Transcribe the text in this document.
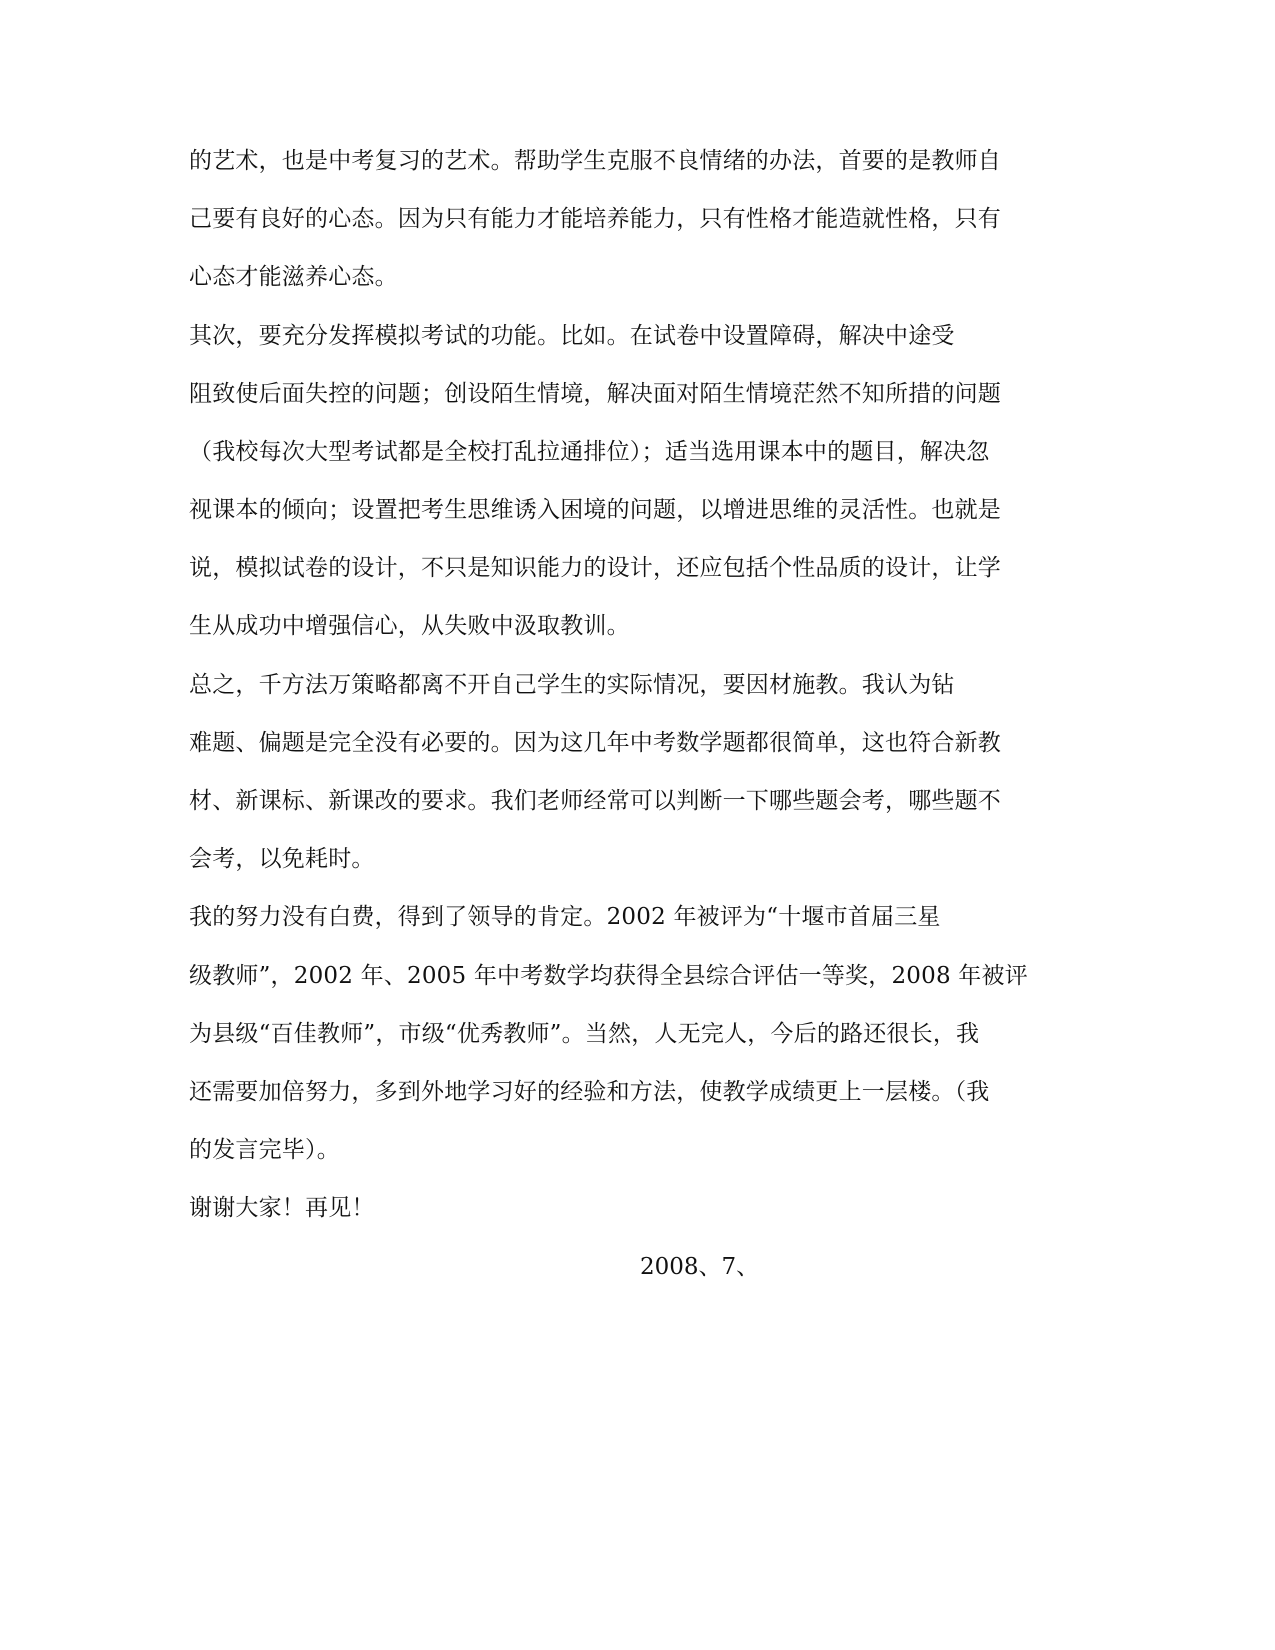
的艺术，也是中考复习的艺术。帮助学生克服不良情绪的办法，首要的是教师自
己要有良好的心态。因为只有能力才能培养能力，只有性格才能造就性格，只有
心态才能滋养心态。
其次，要充分发挥模拟考试的功能。比如。在试卷中设置障碍，解决中途受
阻致使后面失控的问题；创设陌生情境，解决面对陌生情境茫然不知所措的问题
（我校每次大型考试都是全校打乱拉通排位）；适当选用课本中的题目，解决忽
视课本的倾向；设置把考生思维诱入困境的问题，以增进思维的灵活性。也就是
说，模拟试卷的设计，不只是知识能力的设计，还应包括个性品质的设计，让学
生从成功中增强信心，从失败中汲取教训。
总之，千方法万策略都离不开自己学生的实际情况，要因材施教。我认为钻
难题、偏题是完全没有必要的。因为这几年中考数学题都很简单，这也符合新教
材、新课标、新课改的要求。我们老师经常可以判断一下哪些题会考，哪些题不
会考，以免耗时。
我的努力没有白费，得到了领导的肯定。2002 年被评为“十堰市首届三星
级教师”，2002 年、2005 年中考数学均获得全县综合评估一等奖，2008 年被评
为县级“百佳教师”，市级“优秀教师”。当然，人无完人，今后的路还很长，我
还需要加倍努力，多到外地学习好的经验和方法，使教学成绩更上一层楼。（我
的发言完毕）。
谢谢大家！再见！
2008、7、
